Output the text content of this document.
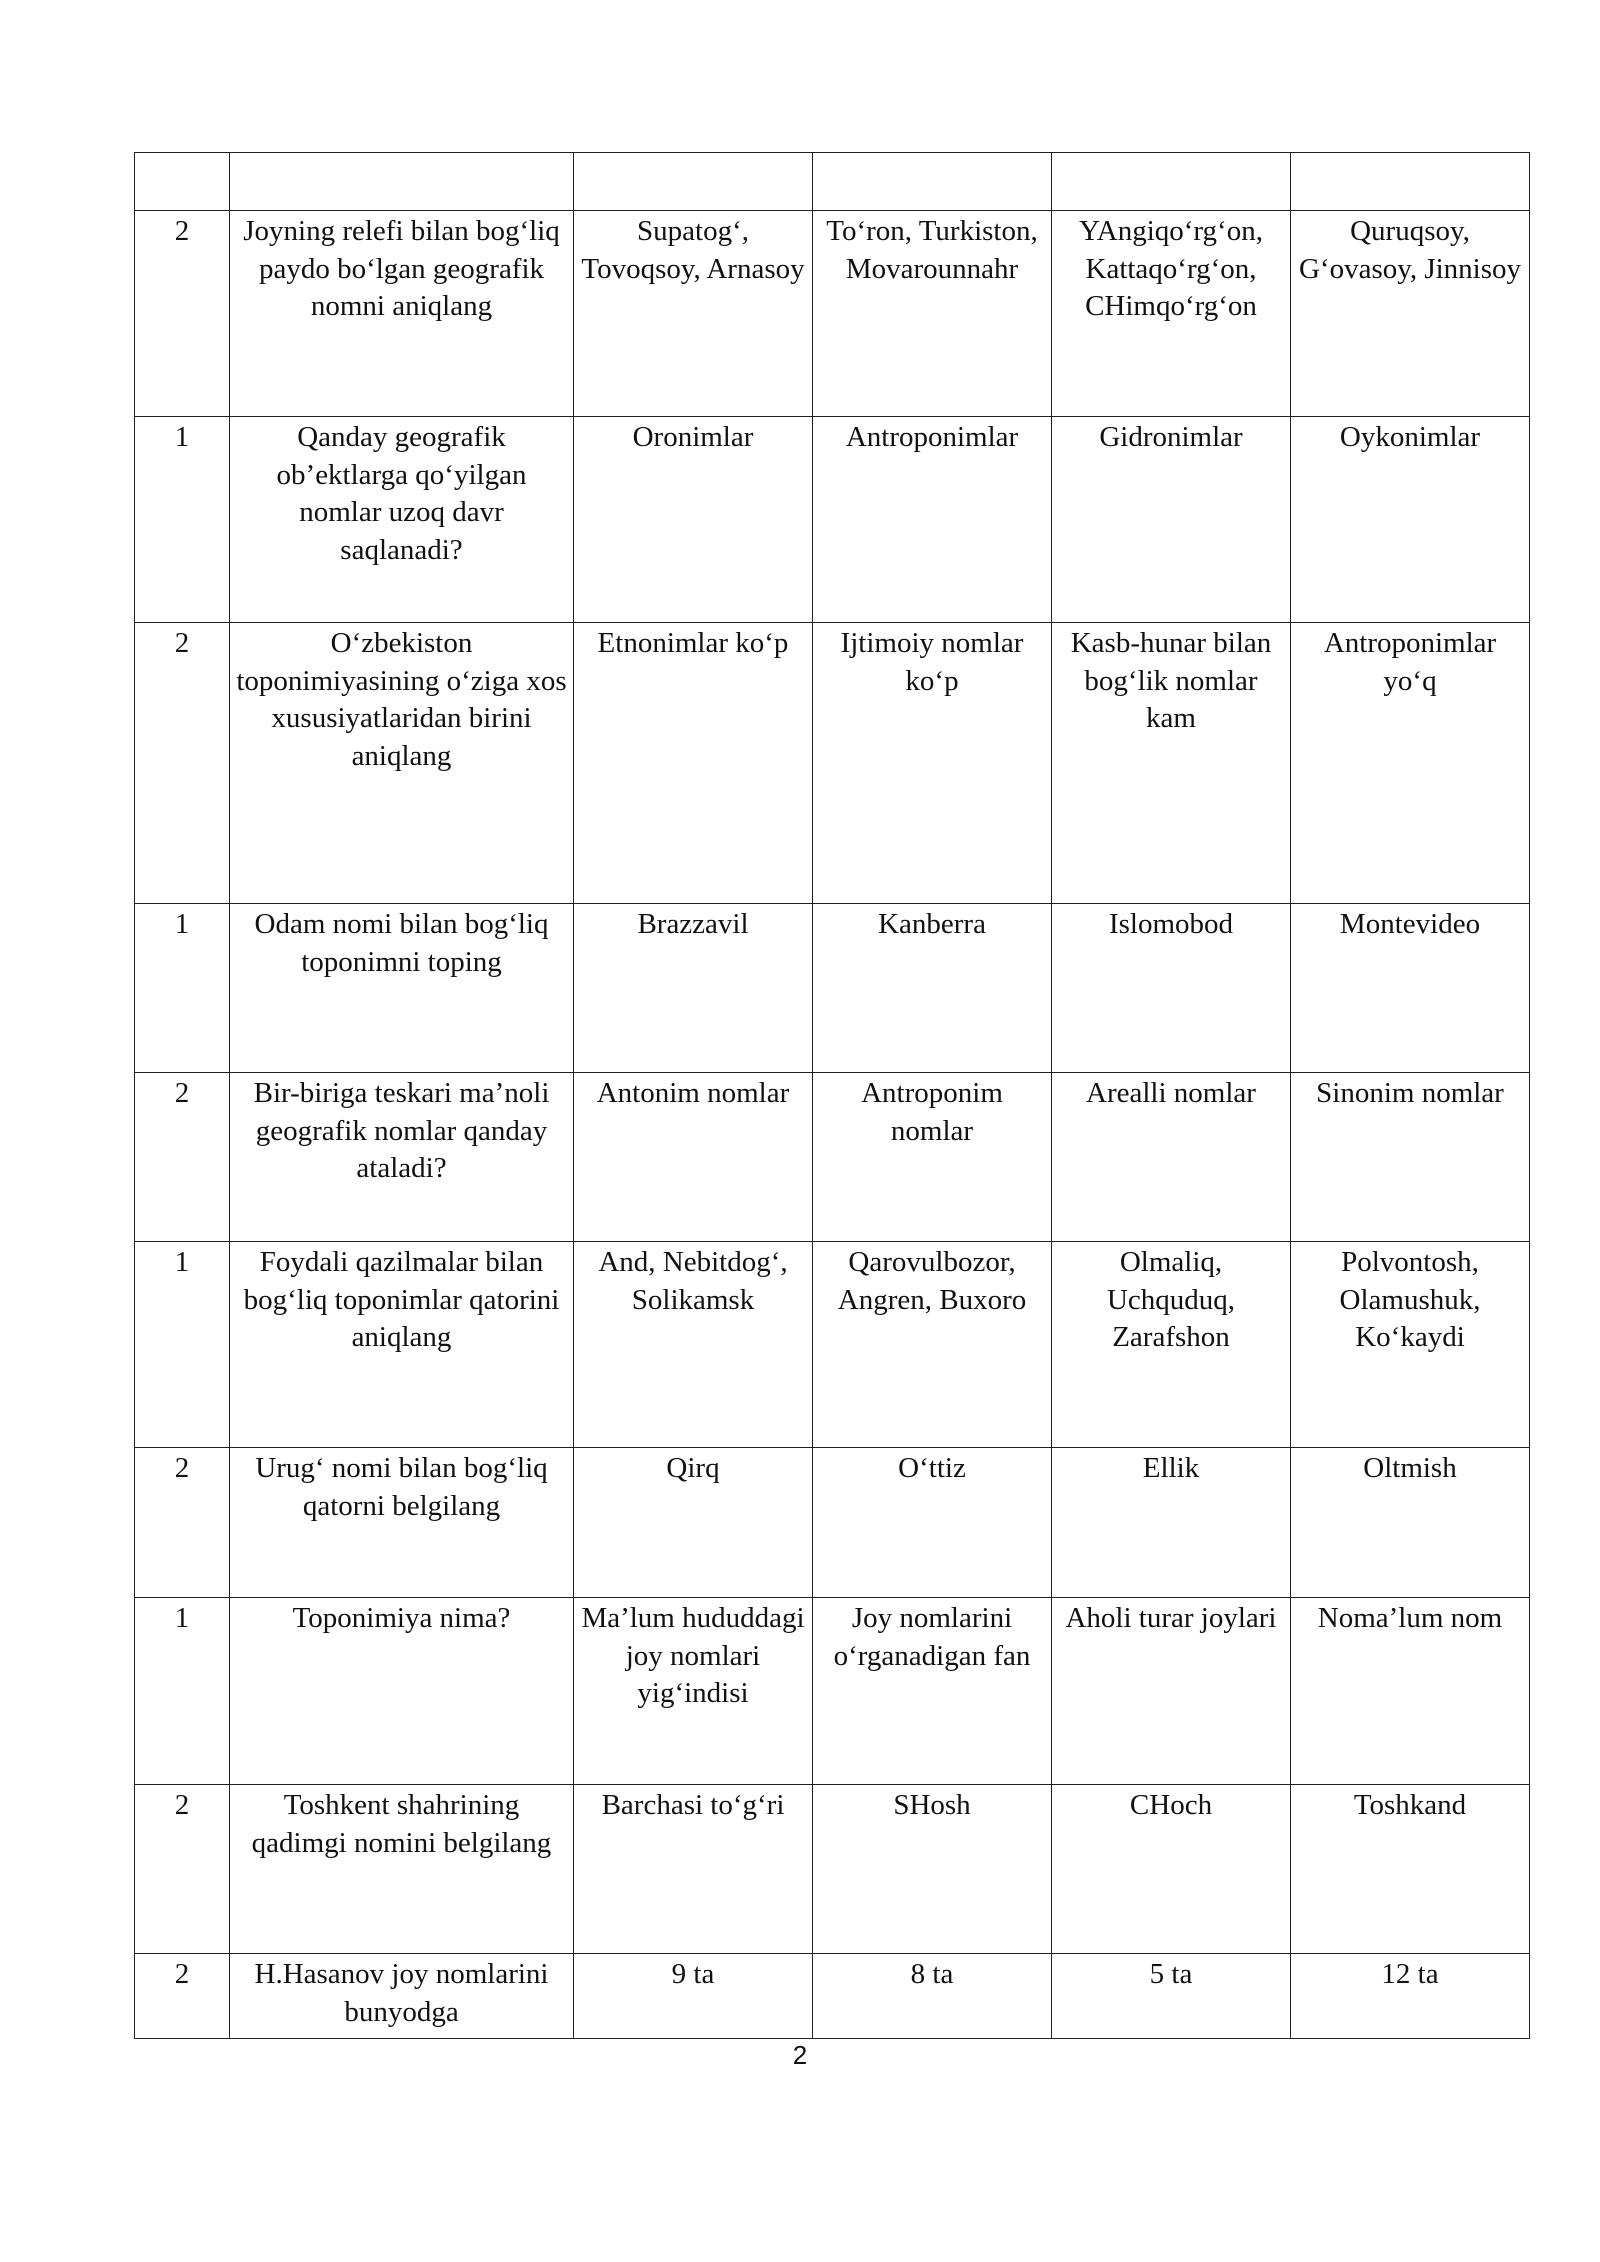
2	Joyning relefi bilan bog‘liq paydo bo‘lgan geografik nomni aniqlang	Supatog‘, Tovoqsoy, Arnasoy	To‘ron, Turkiston, Movarounnahr	YAngiqo‘rg‘on, Kattaqo‘rg‘on, CHimqo‘rg‘on	Quruqsoy, G‘ovasoy, Jinnisoy
1	Qanday geografik ob’ektlarga qo‘yilgan nomlar uzoq davr saqlanadi?	Oronimlar	Antroponimlar	Gidronimlar	Oykonimlar
2	O‘zbekiston toponimiyasining o‘ziga xos xususiyatlaridan birini aniqlang	Etnonimlar ko‘p	Ijtimoiy nomlar ko‘p	Kasb-hunar bilan bog‘lik nomlar kam	Antroponimlar yo‘q
1	Odam nomi bilan bog‘liq toponimni toping	Brazzavil	Kanberra	Islomobod	Montevideo
2	Bir-biriga teskari ma’noli geografik nomlar qanday ataladi?	Antonim nomlar	Antroponim nomlar	Arealli nomlar	Sinonim nomlar
1	Foydali qazilmalar bilan bog‘liq toponimlar qatorini aniqlang	And, Nebitdog‘, Solikamsk	Qarovulbozor, Angren, Buxoro	Olmaliq, Uchquduq, Zarafshon	Polvontosh, Olamushuk, Ko‘kaydi
2	Urug‘ nomi bilan bog‘liq qatorni belgilang	Qirq	O‘ttiz	Ellik	Oltmish
1	Toponimiya nima?	Ma’lum hududdagi joy nomlari yig‘indisi	Joy nomlarini o‘rganadigan fan	Aholi turar joylari	Noma’lum nom
2	Toshkent shahrining qadimgi nomini belgilang	Barchasi to‘g‘ri	SHosh	CHoch	Toshkand
2	H.Hasanov joy nomlarini bunyodga	9 ta	8 ta	5 ta	12 ta
2
